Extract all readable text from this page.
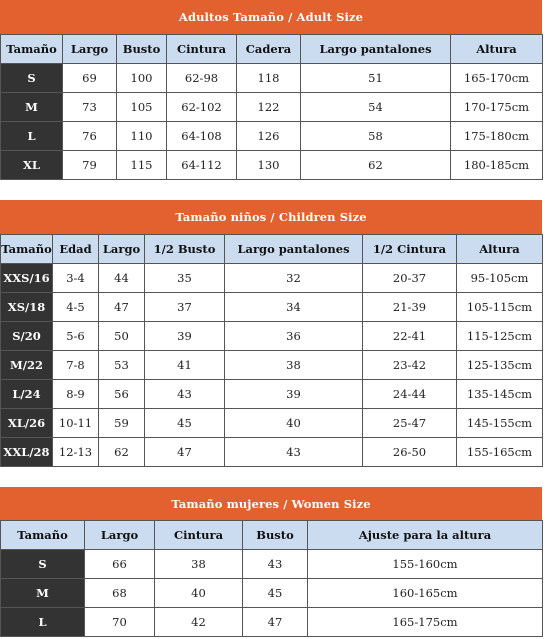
Adultos Tamaño / Adult Size
Tamaño	Largo	Busto	Cintura	Cadera	Largo pantalones	Altura
S	69	100	62-98	118	51	165-170cm
M	73	105	62-102	122	54	170-175cm
L	76	110	64-108	126	58	175-180cm
XL	79	115	64-112	130	62	180-185cm
Tamaño niños / Children Size
Tamaño	Edad	Largo	1/2 Busto	Largo pantalones	1/2 Cintura	Altura
XXS/16	3-4	44	35	32	20-37	95-105cm
XS/18	4-5	47	37	34	21-39	105-115cm
S/20	5-6	50	39	36	22-41	115-125cm
M/22	7-8	53	41	38	23-42	125-135cm
L/24	8-9	56	43	39	24-44	135-145cm
XL/26	10-11	59	45	40	25-47	145-155cm
XXL/28	12-13	62	47	43	26-50	155-165cm
Tamaño mujeres / Women Size
Tamaño	Largo	Cintura	Busto	Ajuste para la altura
S	66	38	43	155-160cm
M	68	40	45	160-165cm
L	70	42	47	165-175cm
